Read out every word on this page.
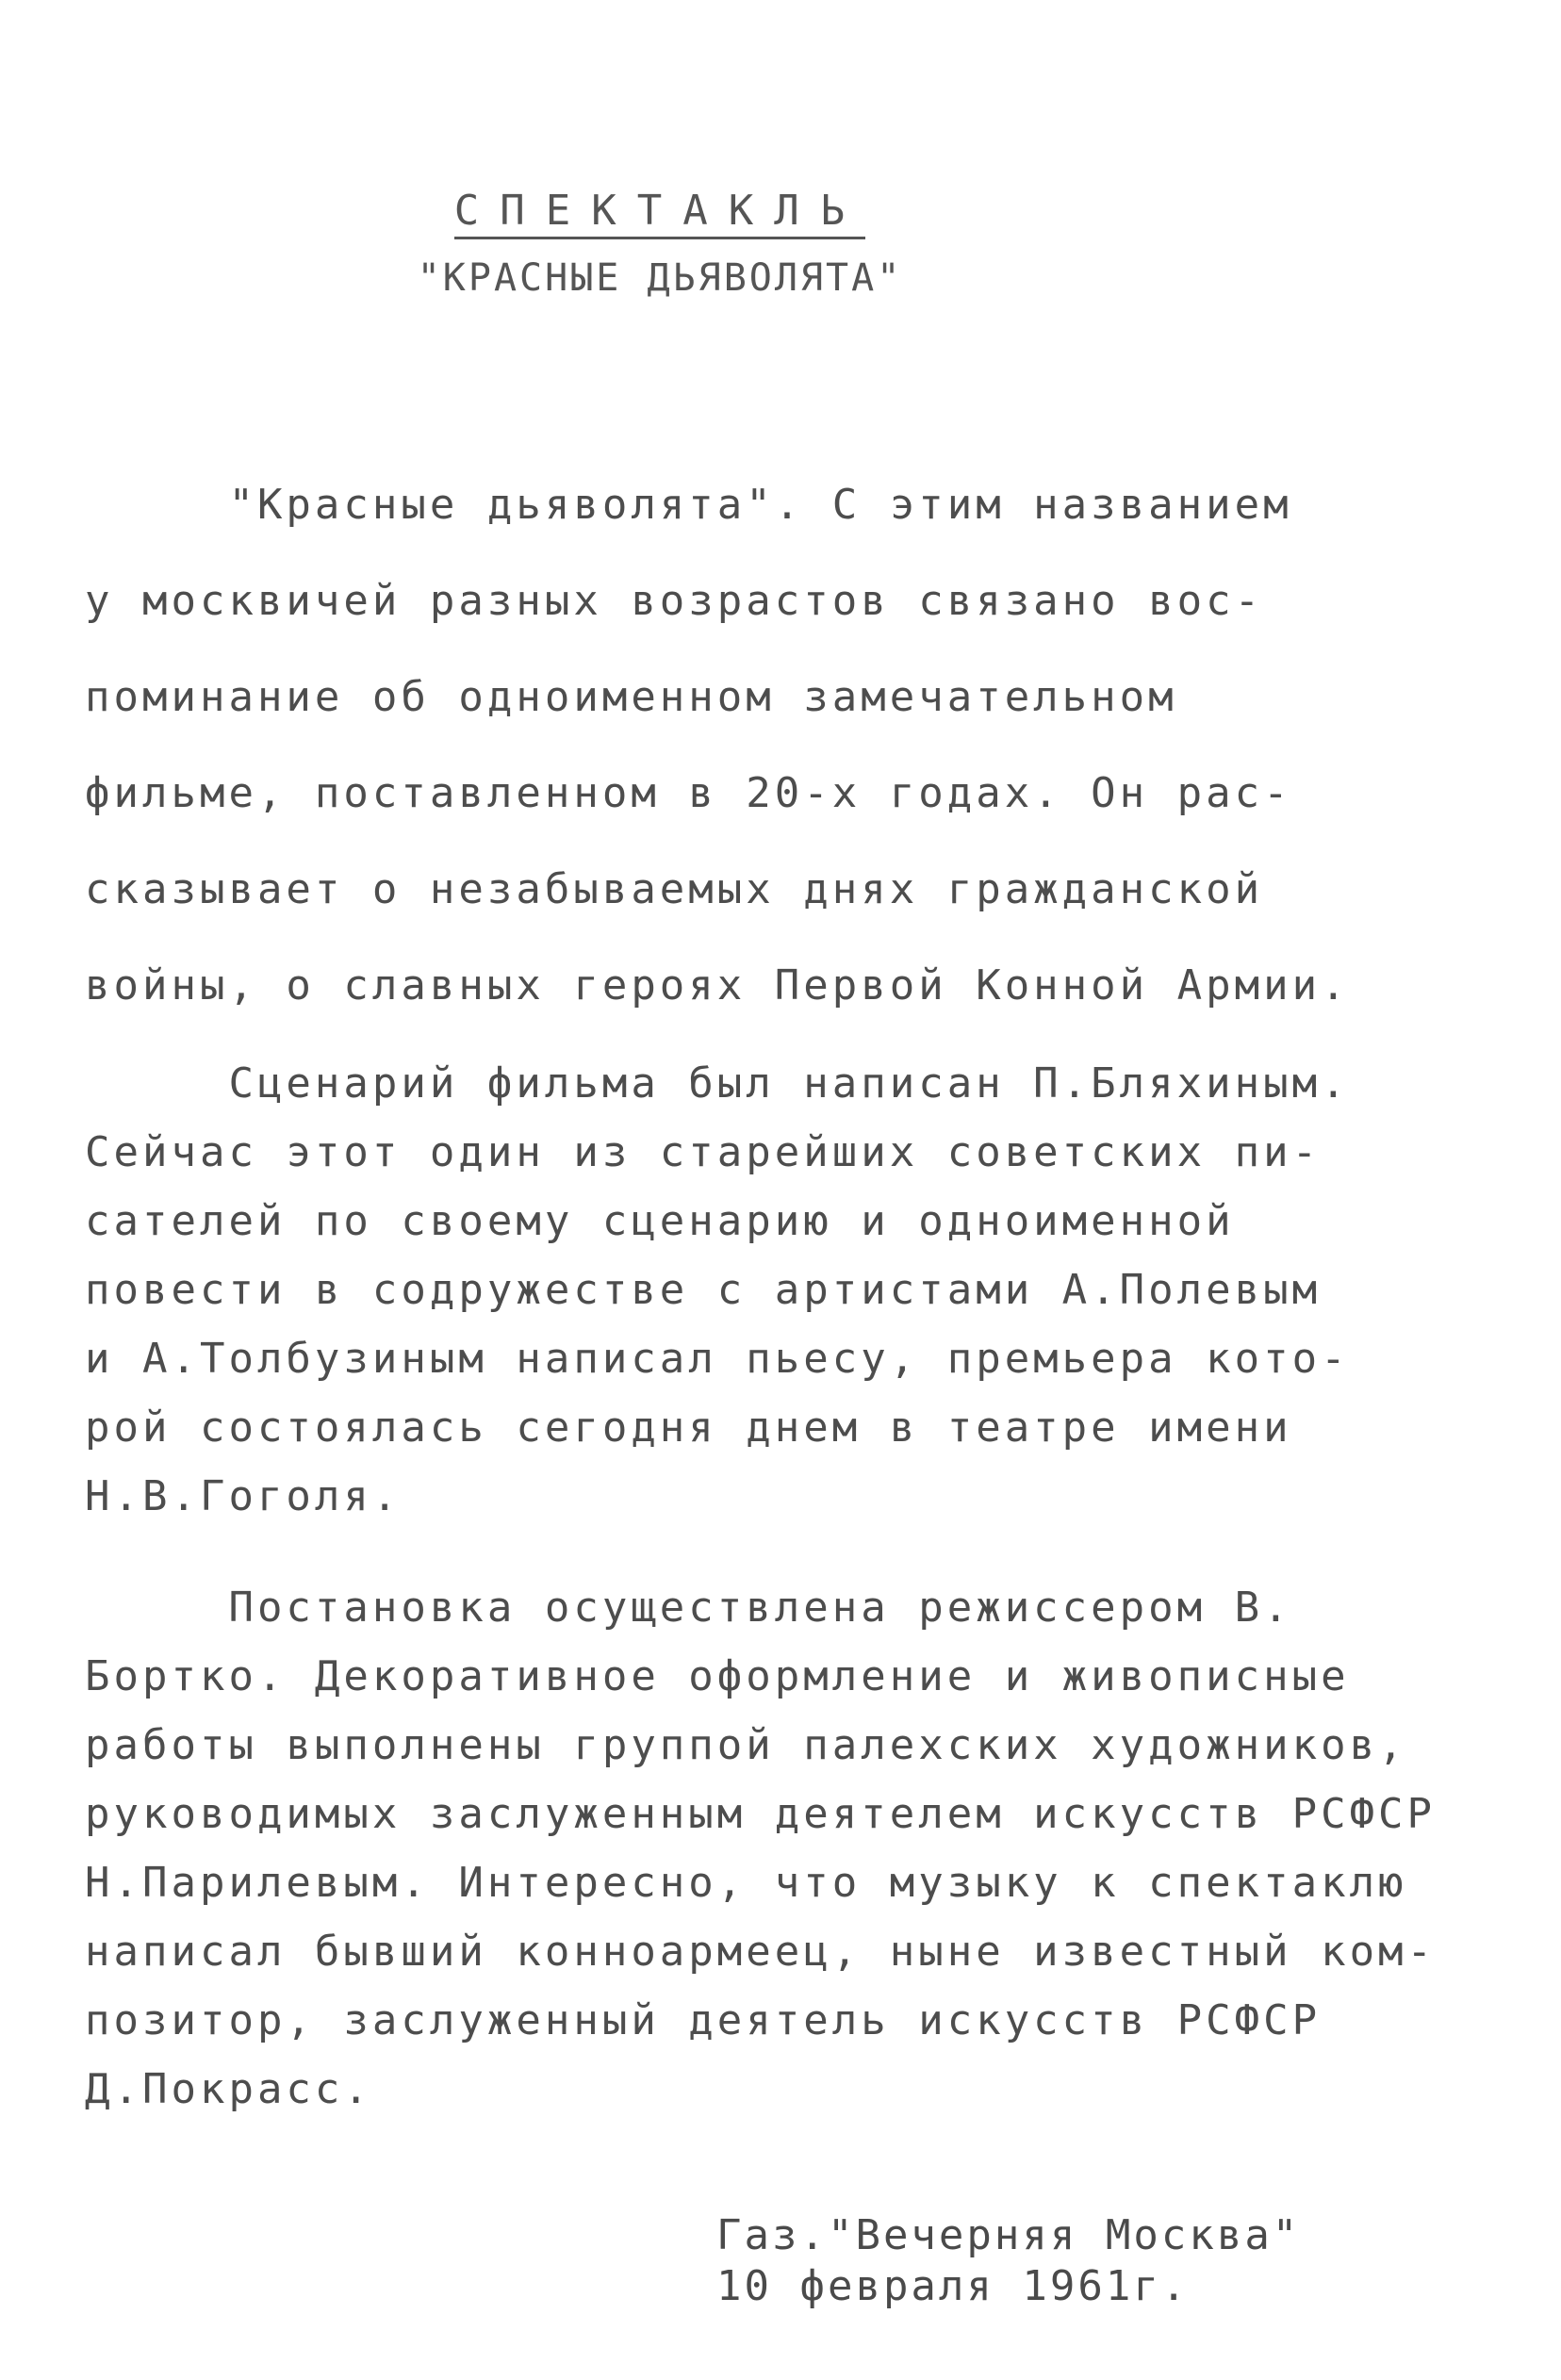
СПЕКТАКЛЬ
"КРАСНЫЕ ДЬЯВОЛЯТА"
"Красные дьяволята". С этим названием
у москвичей разных возрастов связано вос-
поминание об одноименном замечательном
фильме, поставленном в 20-х годах. Он рас-
сказывает о незабываемых днях гражданской
войны, о славных героях Первой Конной Армии.
Сценарий фильма был написан П.Бляхиным.
Сейчас этот один из старейших советских пи-
сателей по своему сценарию и одноименной
повести в содружестве с артистами А.Полевым
и А.Толбузиным написал пьесу, премьера кото-
рой состоялась сегодня днем в театре имени
Н.В.Гоголя.
Постановка осуществлена режиссером В.
Бортко. Декоративное оформление и живописные
работы выполнены группой палехских художников,
руководимых заслуженным деятелем искусств РСФСР
Н.Парилевым. Интересно, что музыку к спектаклю
написал бывший конноармеец, ныне известный ком-
позитор, заслуженный деятель искусств РСФСР
Д.Покрасс.
Газ."Вечерняя Москва"
10 февраля 1961г.
